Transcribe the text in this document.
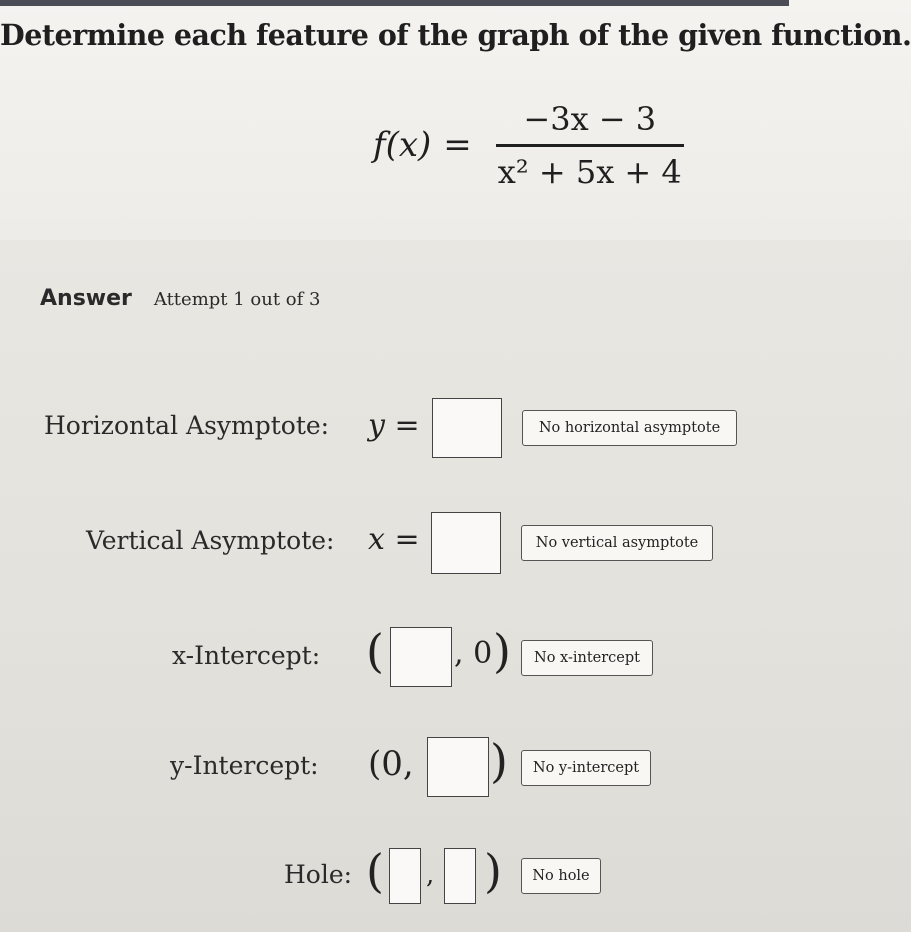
Determine each feature of the graph of the given function.
$f(x) = \frac{-3x - 3}{\text{x² + 5x + 4}}$
Answer Attempt 1 out of 3
Horizontal Asymptote: y =	No horizontal asymptote
Vertical Asymptote: x =	No vertical asymptote
x-Intercept: ( , 0 )	No x-intercept
y-Intercept: (0, )	No y-intercept
Hole: ( , )	No hole
